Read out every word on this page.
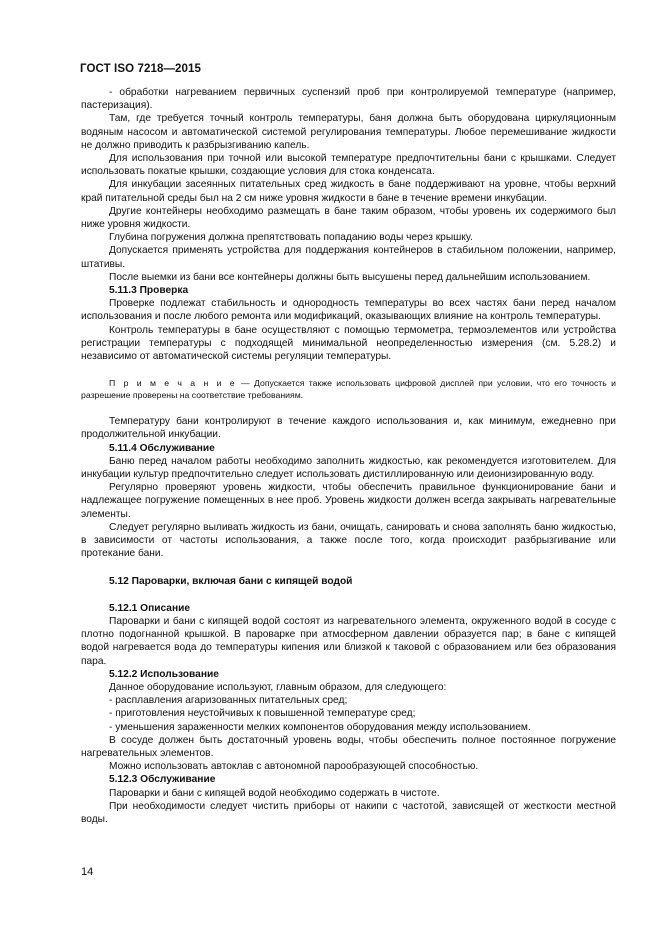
ГОСТ ISO 7218—2015

- обработки нагреванием первичных суспензий проб при контролируемой температуре (например, пастеризация).

Там, где требуется точный контроль температуры, баня должна быть оборудована циркуляционным водяным насосом и автоматической системой регулирования температуры. Любое перемешивание жидкости не должно приводить к разбрызгиванию капель.

Для использования при точной или высокой температуре предпочтительны бани с крышками. Следует использовать покатые крышки, создающие условия для стока конденсата.

Для инкубации засеянных питательных сред жидкость в бане поддерживают на уровне, чтобы верхний край питательной среды был на 2 см ниже уровня жидкости в бане в течение времени инкубации.

Другие контейнеры необходимо размещать в бане таким образом, чтобы уровень их содержимого был ниже уровня жидкости.

Глубина погружения должна препятствовать попаданию воды через крышку.

Допускается применять устройства для поддержания контейнеров в стабильном положении, например, штативы.

После выемки из бани все контейнеры должны быть высушены перед дальнейшим использованием.

5.11.3 Проверка

Проверке подлежат стабильность и однородность температуры во всех частях бани перед началом использования и после любого ремонта или модификаций, оказывающих влияние на контроль температуры.

Контроль температуры в бане осуществляют с помощью термометра, термоэлементов или устройства регистрации температуры с подходящей минимальной неопределенностью измерения (см. 5.28.2) и независимо от автоматической системы регуляции температуры.

П р и м е ч а н и е — Допускается также использовать цифровой дисплей при условии, что его точность и разрешение проверены на соответствие требованиям.

Температуру бани контролируют в течение каждого использования и, как минимум, ежедневно при продолжительной инкубации.

5.11.4 Обслуживание

Баню перед началом работы необходимо заполнить жидкостью, как рекомендуется изготовителем. Для инкубации культур предпочтительно следует использовать дистиллированную или деионизированную воду.

Регулярно проверяют уровень жидкости, чтобы обеспечить правильное функционирование бани и надлежащее погружение помещенных в нее проб. Уровень жидкости должен всегда закрывать нагревательные элементы.

Следует регулярно выливать жидкость из бани, очищать, санировать и снова заполнять баню жидкостью, в зависимости от частоты использования, а также после того, когда происходит разбрызгивание или протекание бани.

5.12 Пароварки, включая бани с кипящей водой

5.12.1 Описание

Пароварки и бани с кипящей водой состоят из нагревательного элемента, окруженного водой в сосуде с плотно подогнанной крышкой. В пароварке при атмосферном давлении образуется пар; в бане с кипящей водой нагревается вода до температуры кипения или близкой к таковой с образованием или без образования пара.

5.12.2 Использование

Данное оборудование используют, главным образом, для следующего:

- расплавления агаризованных питательных сред;

- приготовления неустойчивых к повышенной температуре сред;

- уменьшения зараженности мелких компонентов оборудования между использованием.

В сосуде должен быть достаточный уровень воды, чтобы обеспечить полное постоянное погружение нагревательных элементов.

Можно использовать автоклав с автономной парообразующей способностью.

5.12.3 Обслуживание

Пароварки и бани с кипящей водой необходимо содержать в чистоте.

При необходимости следует чистить приборы от накипи с частотой, зависящей от жесткости местной воды.

14
